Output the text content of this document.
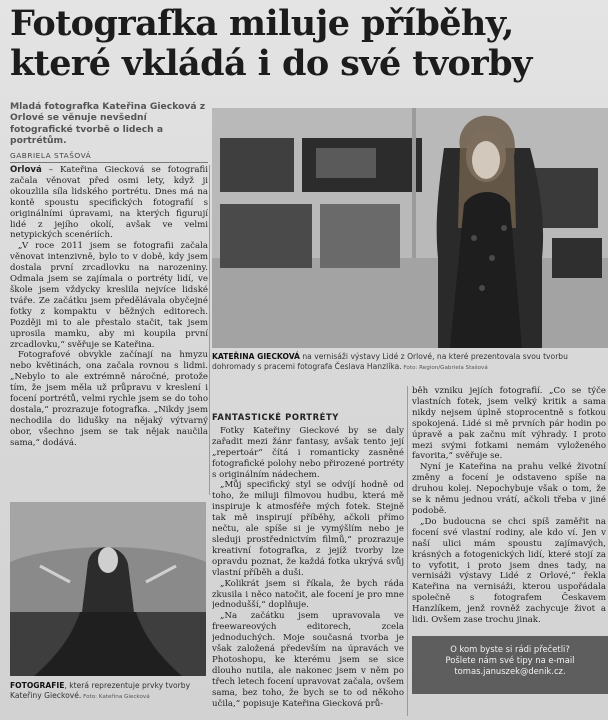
Fotografka miluje příběhy,
které vkládá i do své tvorby
Mladá fotografka Kateřina Giecková z Orlové se věnuje nevšední fotografické tvorbě o lidech a portrétům.
GABRIELA STAŠOVÁ
KATEŘINA GIECKOVÁ na vernisáži výstavy Lidé z Orlové, na které prezentovala svou tvorbu dohromady s pracemi fotografa Česlava Hanzlíka. Foto: Region/Gabriela Stašová

Orlová – Kateřina Giecková se fotografii začala věnovat před osmi lety, když ji okouzlila síla lidského portrétu. Dnes má na kontě spoustu specifických fotografií s originálními úpravami, na kterých figurují lidé z jejího okolí, avšak ve velmi netypických scenériích.

„V roce 2011 jsem se fotografii začala věnovat intenzivně, bylo to v době, kdy jsem dostala první zrcadlovku na narozeniny. Odmala jsem se zajímala o portréty lidí, ve škole jsem vždycky kreslila nejvíce lidské tváře. Ze začátku jsem předělávala obyčejné fotky z kompaktu v běžných editorech. Později mi to ale přestalo stačit, tak jsem uprosila mamku, aby mi koupila první zrcadlovku,“ svěřuje se Kateřina.

Fotografové obvykle začínají na hmyzu nebo květinách, ona začala rovnou s lidmi. „Nebylo to ale extrémně náročné, protože tím, že jsem měla už průpravu v kreslení i focení portrétů, velmi rychle jsem se do toho dostala,“ prozrazuje fotografka. „Nikdy jsem nechodila do lidušky na nějaký výtvarný obor, všechno jsem se tak nějak naučila sama,“ dodává.

FOTOGRAFIE, která reprezentuje prvky tvorby Kateřiny Gieckové. Foto: Kateřina Giecková
FANTASTICKÉ PORTRÉTY

Fotky Kateřiny Gieckové by se daly zařadit mezi žánr fantasy, avšak tento její „repertoár“ čítá i romanticky zasněné fotografické polohy nebo přirozené portréty s originálním nádechem.

„Můj specifický styl se odvíjí hodně od toho, že miluji filmovou hudbu, která mě inspiruje k atmosféře mých fotek. Stejně tak mě inspirují příběhy, ačkoli přímo nečtu, ale spíše si je vymýšlím nebo je sleduji prostřednictvím filmů,“ prozrazuje kreativní fotografka, z jejíž tvorby lze opravdu poznat, že každá fotka ukrývá svůj vlastní příběh a duši.

„Kolikrát jsem si říkala, že bych ráda zkusila i něco natočit, ale focení je pro mne jednodušší,“ doplňuje.

„Na začátku jsem upravovala ve freewareových editorech, zcela jednoduchých. Moje současná tvorba je však založená především na úpravách ve Photoshopu, ke kterému jsem se sice dlouho nutila, ale nakonec jsem v něm po třech letech focení upravovat začala, ovšem sama, bez toho, že bych se to od někoho učila,“ popisuje Kateřina Giecková prů-

běh vzniku jejích fotografií. „Co se týče vlastních fotek, jsem velký kritik a sama nikdy nejsem úplně stoprocentně s fotkou spokojená. Lidé si mě prvních pár hodin po úpravě a pak začnu mít výhrady. I proto mezi svými fotkami nemám vyloženého favorita,“ svěřuje se.

Nyní je Kateřina na prahu velké životní změny a focení je odstaveno spíše na druhou kolej. Nepochybuje však o tom, že se k němu jednou vrátí, ačkoli třeba v jiné podobě.

„Do budoucna se chci spíš zaměřit na focení své vlastní rodiny, ale kdo ví. Jen v naší ulici mám spoustu zajímavých, krásných a fotogenických lidí, které stojí za to vyfotit, i proto jsem dnes tady, na vernisáži výstavy Lidé z Orlové,“ řekla Kateřina na vernisáži, kterou uspořádala společně s fotografem Českavem Hanzlíkem, jenž rovněž zachycuje život a lidi. Ovšem zase trochu jinak.

O kom byste si rádi přečetli?
Pošlete nám své tipy na e-mail
tomas.januszek@denik.cz.
